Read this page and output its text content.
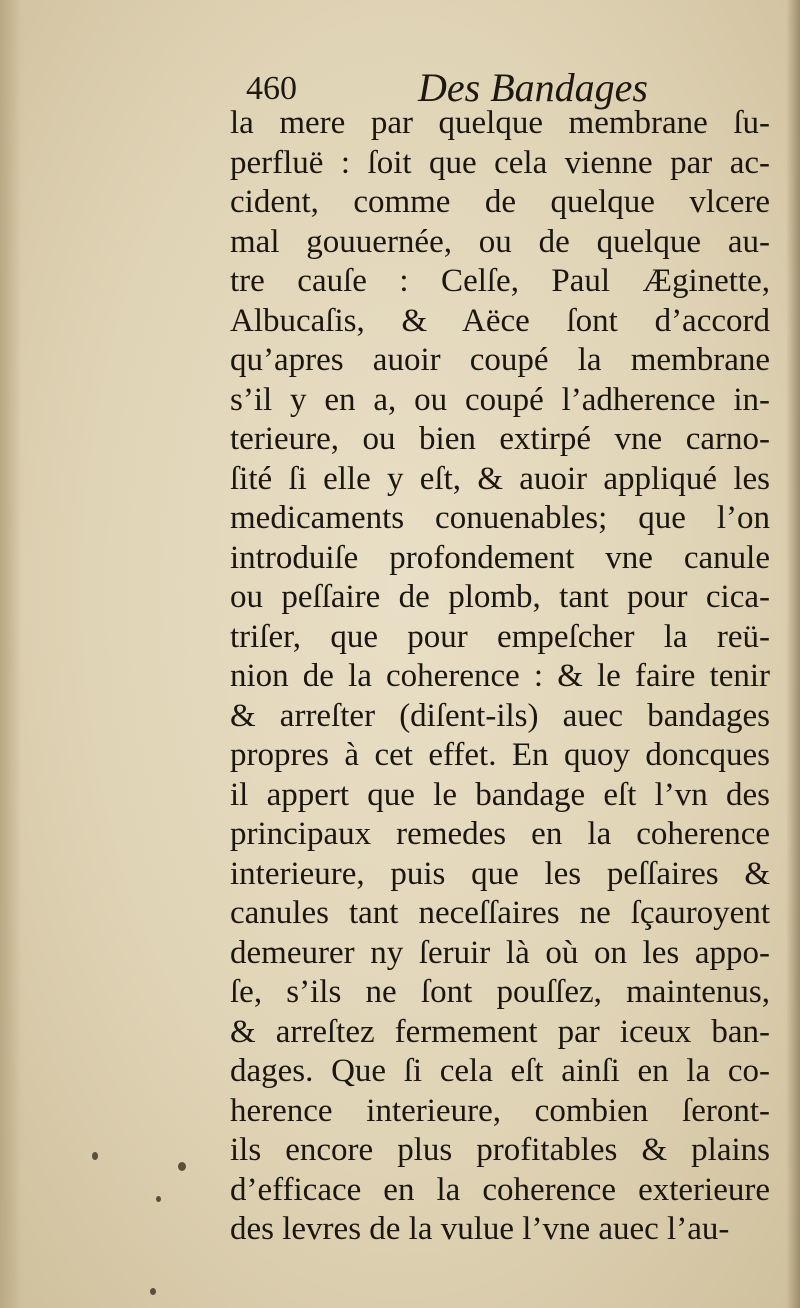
460	Des Bandages
la mere par quelque membrane ſu-
perfluë : ſoit que cela vienne par ac-
cident, comme de quelque vlcere
mal gouuernée, ou de quelque au-
tre cauſe : Celſe, Paul Æginette,
Albucaſis, & Aëce ſont d’accord
qu’apres auoir coupé la membrane
s’il y en a, ou coupé l’adherence in-
terieure, ou bien extirpé vne carno-
ſité ſi elle y eſt, & auoir appliqué les
medicaments conuenables; que l’on
introduiſe profondement vne canule
ou peſſaire de plomb, tant pour cica-
triſer, que pour empeſcher la reü-
nion de la coherence : & le faire tenir
& arreſter (diſent-ils) auec bandages
propres à cet effet. En quoy doncques
il appert que le bandage eſt l’vn des
principaux remedes en la coherence
interieure, puis que les peſſaires &
canules tant neceſſaires ne ſçauroyent
demeurer ny ſeruir là où on les appo-
ſe, s’ils ne ſont pouſſez, maintenus,
& arreſtez fermement par iceux ban-
dages. Que ſi cela eſt ainſi en la co-
herence interieure, combien ſeront-
ils encore plus profitables & plains
d’efficace en la coherence exterieure
des levres de la vulue l’vne auec l’au-
